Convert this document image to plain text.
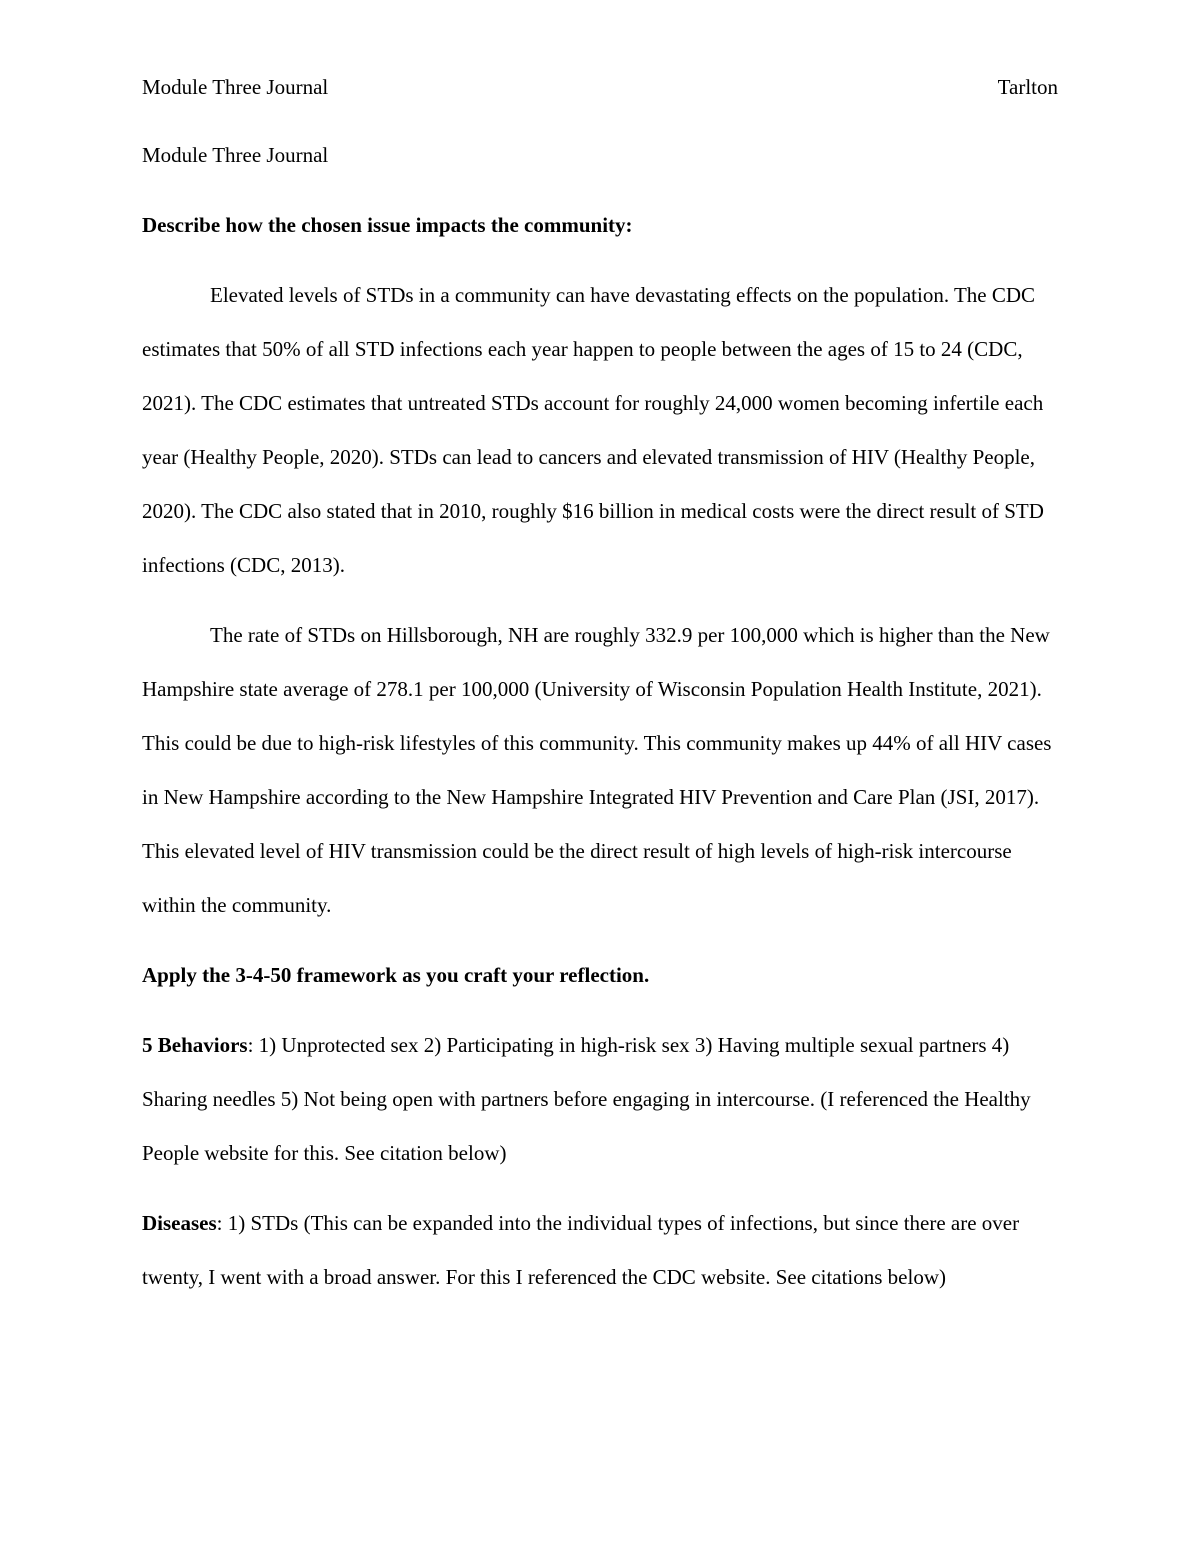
Module Three Journal	Tarlton

Module Three Journal

Describe how the chosen issue impacts the community:

Elevated levels of STDs in a community can have devastating effects on the population. The CDC estimates that 50% of all STD infections each year happen to people between the ages of 15 to 24 (CDC, 2021). The CDC estimates that untreated STDs account for roughly 24,000 women becoming infertile each year (Healthy People, 2020). STDs can lead to cancers and elevated transmission of HIV (Healthy People, 2020). The CDC also stated that in 2010, roughly $16 billion in medical costs were the direct result of STD infections (CDC, 2013).

The rate of STDs on Hillsborough, NH are roughly 332.9 per 100,000 which is higher than the New Hampshire state average of 278.1 per 100,000 (University of Wisconsin Population Health Institute, 2021). This could be due to high-risk lifestyles of this community. This community makes up 44% of all HIV cases in New Hampshire according to the New Hampshire Integrated HIV Prevention and Care Plan (JSI, 2017). This elevated level of HIV transmission could be the direct result of high levels of high-risk intercourse within the community.

Apply the 3-4-50 framework as you craft your reflection.

5 Behaviors: 1) Unprotected sex 2) Participating in high-risk sex 3) Having multiple sexual partners 4) Sharing needles 5) Not being open with partners before engaging in intercourse. (I referenced the Healthy People website for this. See citation below)

Diseases: 1) STDs (This can be expanded into the individual types of infections, but since there are over twenty, I went with a broad answer. For this I referenced the CDC website. See citations below)
